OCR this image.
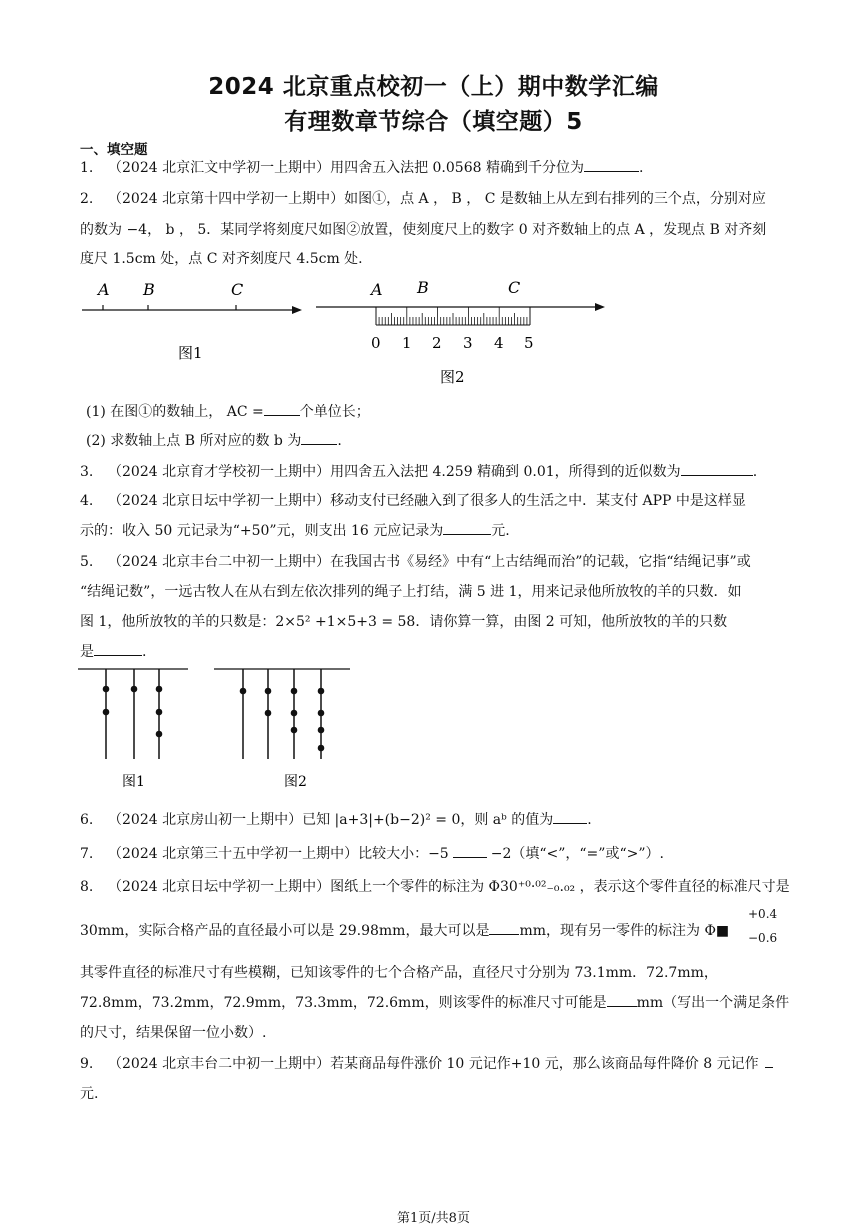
2024 北京重点校初一（上）期中数学汇编
有理数章节综合（填空题）5
一、填空题
1. （2024 北京汇文中学初一上期中）用四舍五入法把 0.0568 精确到千分位为	.
2. （2024 北京第十四中学初一上期中）如图①，点 A ， B ， C 是数轴上从左到右排列的三个点，分别对应
的数为 −4， b ， 5．某同学将刻度尺如图②放置，使刻度尺上的数字 0 对齐数轴上的点 A ，发现点 B 对齐刻
度尺 1.5cm 处，点 C 对齐刻度尺 4.5cm 处.
A B	C
图1
A B	C
0 1 2 3 4 5
图2
(1) 在图①的数轴上， AC =	个单位长；
(2) 求数轴上点 B 所对应的数 b 为	.
3. （2024 北京育才学校初一上期中）用四舍五入法把 4.259 精确到 0.01，所得到的近似数为	.
4. （2024 北京日坛中学初一上期中）移动支付已经融入到了很多人的生活之中．某支付 APP 中是这样显
示的：收入 50 元记录为“+50”元，则支出 16 元应记录为	元.
5. （2024 北京丰台二中初一上期中）在我国古书《易经》中有“上古结绳而治”的记载，它指“结绳记事”或
“结绳记数”，一远古牧人在从右到左依次排列的绳子上打结，满 5 进 1，用来记录他所放牧的羊的只数．如
图 1，他所放牧的羊的只数是：2×5² +1×5+3 = 58．请你算一算，由图 2 可知，他所放牧的羊的只数
是	.
图1	图2
6. （2024 北京房山初一上期中）已知 |a+3|+(b−2)² = 0，则 aᵇ 的值为 .
7. （2024 北京第三十五中学初一上期中）比较大小：−5	−2（填“<”，“=”或“>”）.
8. （2024 北京日坛中学初一上期中）图纸上一个零件的标注为 Φ30⁺⁰·⁰²₋₀.₀₂ ，表示这个零件直径的标准尺寸是
30mm，实际合格产品的直径最小可以是 29.98mm，最大可以是 mm，现有另一零件的标注为 Φ■
+0.4
−0.6
其零件直径的标准尺寸有些模糊，已知该零件的七个合格产品，直径尺寸分别为 73.1mm．72.7mm，
72.8mm，73.2mm，72.9mm，73.3mm，72.6mm，则该零件的标准尺寸可能是 mm（写出一个满足条件
的尺寸，结果保留一位小数）.
9. （2024 北京丰台二中初一上期中）若某商品每件涨价 10 元记作+10 元，那么该商品每件降价 8 元记作
元.
第1页/共8页
